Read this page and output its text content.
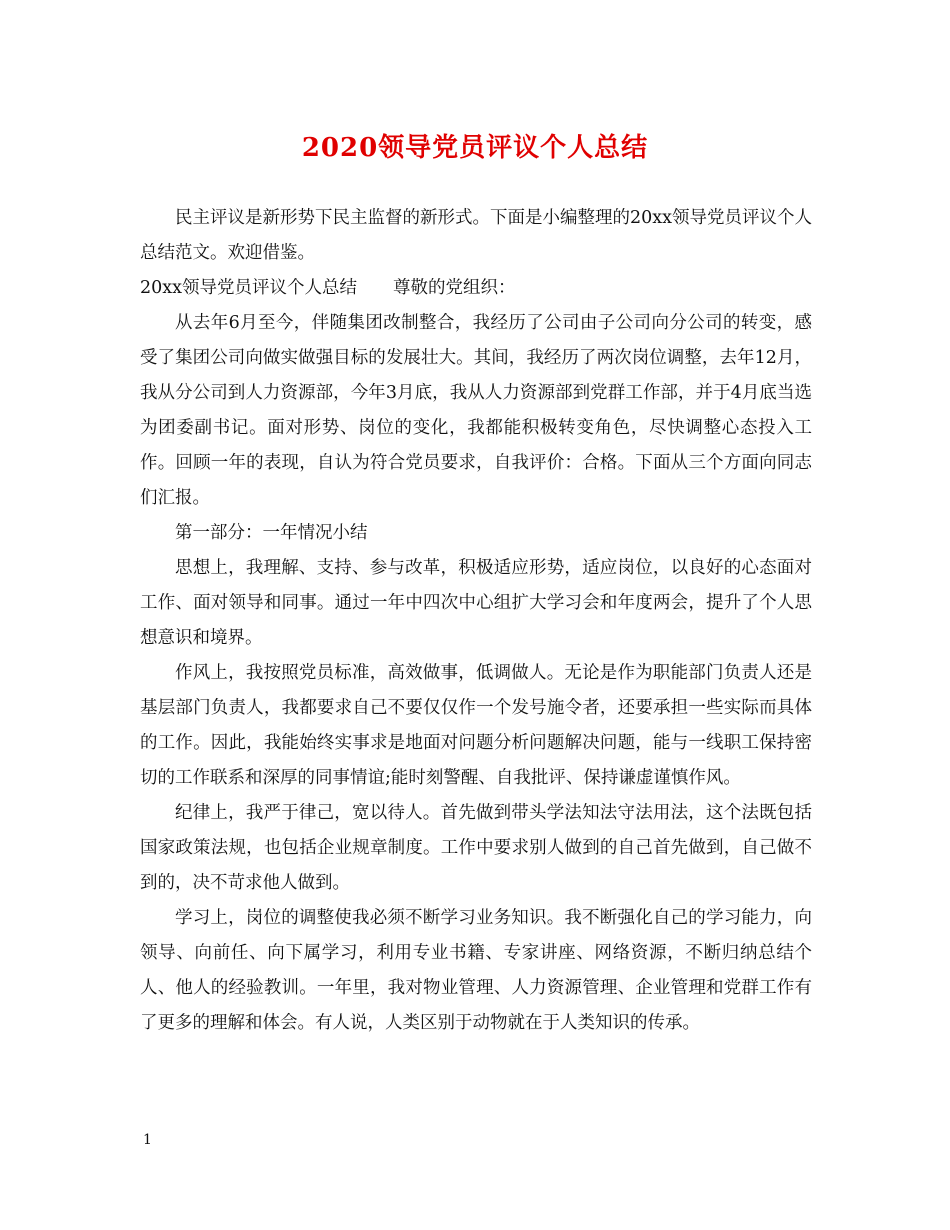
2020领导党员评议个人总结

民主评议是新形势下民主监督的新形式。下面是小编整理的20xx领导党员评议个人总结范文。欢迎借鉴。

20xx领导党员评议个人总结 尊敬的党组织：

从去年6月至今，伴随集团改制整合，我经历了公司由子公司向分公司的转变，感受了集团公司向做实做强目标的发展壮大。其间，我经历了两次岗位调整，去年12月，我从分公司到人力资源部，今年3月底，我从人力资源部到党群工作部，并于4月底当选为团委副书记。面对形势、岗位的变化，我都能积极转变角色，尽快调整心态投入工作。回顾一年的表现，自认为符合党员要求，自我评价：合格。下面从三个方面向同志们汇报。

第一部分：一年情况小结

思想上，我理解、支持、参与改革，积极适应形势，适应岗位，以良好的心态面对工作、面对领导和同事。通过一年中四次中心组扩大学习会和年度两会，提升了个人思想意识和境界。

作风上，我按照党员标准，高效做事，低调做人。无论是作为职能部门负责人还是基层部门负责人，我都要求自己不要仅仅作一个发号施令者，还要承担一些实际而具体的工作。因此，我能始终实事求是地面对问题分析问题解决问题，能与一线职工保持密切的工作联系和深厚的同事情谊;能时刻警醒、自我批评、保持谦虚谨慎作风。

纪律上，我严于律己，宽以待人。首先做到带头学法知法守法用法，这个法既包括国家政策法规，也包括企业规章制度。工作中要求别人做到的自己首先做到，自己做不到的，决不苛求他人做到。

学习上，岗位的调整使我必须不断学习业务知识。我不断强化自己的学习能力，向领导、向前任、向下属学习，利用专业书籍、专家讲座、网络资源，不断归纳总结个人、他人的经验教训。一年里，我对物业管理、人力资源管理、企业管理和党群工作有了更多的理解和体会。有人说，人类区别于动物就在于人类知识的传承。

1
